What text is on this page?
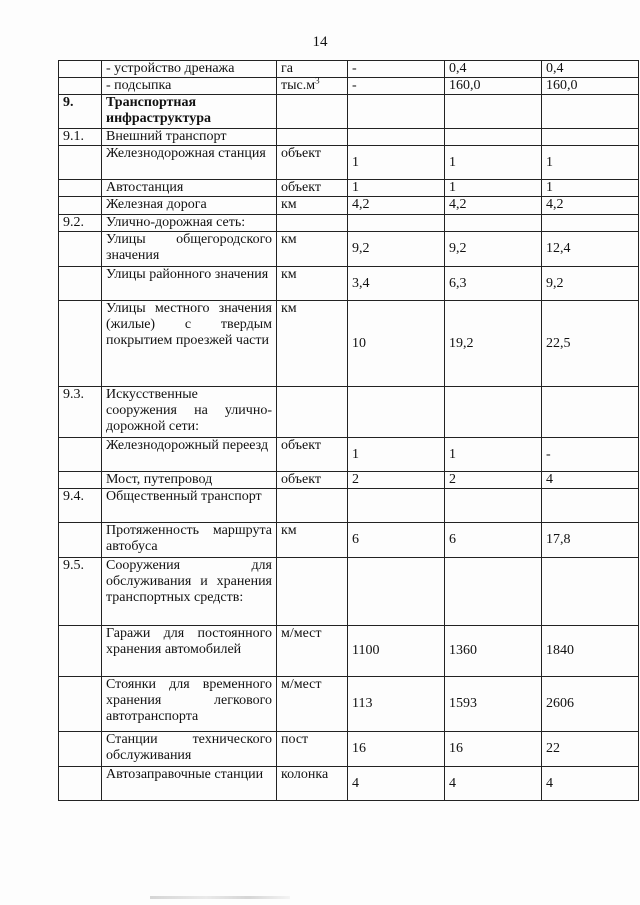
14

	- устройство дренажа	га	-	0,4	0,4

	- подсыпка	$тыс.м^3$	-	160,0	160,0
9.	Транспортная инфраструктура				

9.1.	Внешний транспорт				

	Железнодорожная станция	объект	1	1	1

	Автостанция	объект	1	1	1

	Железная дорога	км	4,2	4,2	4,2
9.2.	Улично-дорожная сеть:				

	Улицы общегородского значения	км	9,2	9,2	12,4

	Улицы районного значения	км	3,4	6,3	9,2

	Улицы местного значения (жилые) с твердым покрытием проезжей части	км	10	19,2	22,5
9.3.	Искусственные сооружения на улично-дорожной сети:				

	Железнодорожный переезд	объект	1	1	-

	Мост, путепровод	объект	2	2	4
9.4.	Общественный транспорт				

	Протяженность маршрута автобуса	км	6	6	17,8
9.5.	Сооружения для обслуживания и хранения транспортных средств:				

	Гаражи для постоянного хранения автомобилей	м/мест	1100	1360	1840

	Стоянки для временного хранения легкового автотранспорта	м/мест	113	1593	2606

	Станции технического обслуживания	пост	16	16	22

	Автозаправочные станции	колонка	4	4	4
